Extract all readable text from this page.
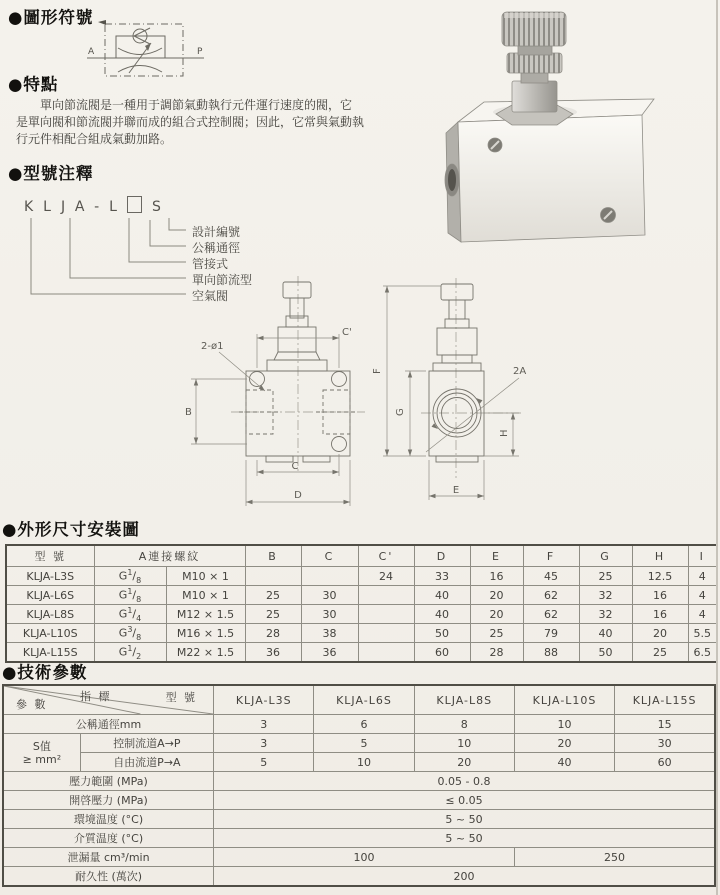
●圖形符號
A	P
●特點
單向節流閥是一種用于調節氣動執行元件運行速度的閥，它
是單向閥和節流閥并聯而成的組合式控制閥；因此，它常與氣動執
行元件相配合組成氣動加路。
●型號注釋
KLJA-L S
設計編號
公稱通徑
管接式
單向節流型
空氣閥
2-ø1
C'
B
C
D
F
G
H
E
2A
●外形尺寸安裝圖
型 號	A連接螺紋		B	C	C'	D	E	F	G	H	I
KLJA-L3S	$G^1/_8$	M10 × 1			24	33	16	45	25	12.5	4
KLJA-L6S	$G^1/_8$	M10 × 1	25	30		40	20	62	32	16	4
KLJA-L8S	$G^1/_4$	M12 × 1.5	25	30		40	20	62	32	16	4
KLJA-L10S	$G^3/_8$	M16 × 1.5	28	38		50	25	79	40	20	5.5
KLJA-L15S	$G^1/_2$	M22 × 1.5	36	36		60	28	88	50	25	6.5
●技術參數
指 標 型 號
參 數		KLJA-L3S	KLJA-L6S	KLJA-L8S	KLJA-L10S	KLJA-L15S
公稱通徑mm		3	6	8	10	15

S值
≥ mm²	控制流道A→P	3	5	10	20	30
	自由流道P→A	5	10	20	40	60
壓力範圍 (MPa)		0.05 - 0.8				
開啓壓力 (MPa)		≤ 0.05				
環境温度 (°C)		5 ~ 50				
介質温度 (°C)		5 ~ 50				
泄漏量 cm³/min		100			250	
耐久性 (萬次)		200				
